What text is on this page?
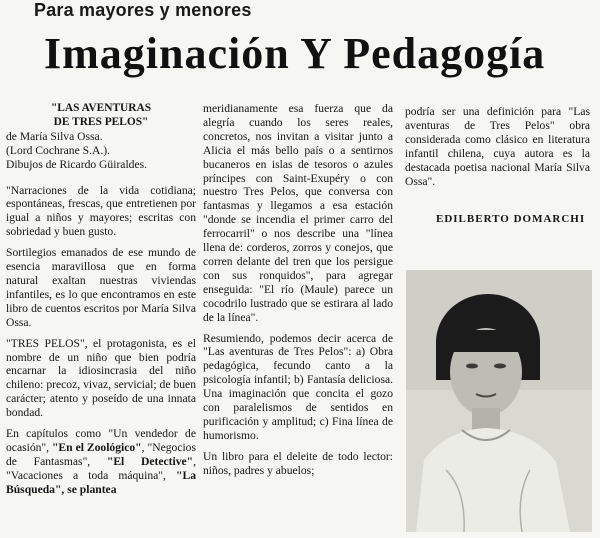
Para mayores y menores
Imaginación Y Pedagogía

"LAS AVENTURAS

DE TRES PELOS"

de María Silva Ossa.

(Lord Cochrane S.A.).

Dibujos de Ricardo Güiraldes.

"Narraciones de la vida cotidiana; espontáneas, frescas, que entretienen por igual a niños y mayores; escritas con sobriedad y buen gusto.

Sortilegios emanados de ese mundo de esencia maravillosa que en forma natural exaltan nuestras viviendas infantiles, es lo que encontramos en este libro de cuentos escritos por María Silva Ossa.

"TRES PELOS", el protagonista, es el nombre de un niño que bien podría encarnar la idiosincrasia del niño chileno: precoz, vivaz, servicial; de buen carácter; atento y poseído de una innata bondad.

En capítulos como "Un vendedor de ocasión", "En el Zoológico", "Negocios de Fantasmas", "El Detective", "Vacaciones a toda máquina", "La Búsqueda", se plantea

meridianamente esa fuerza que da alegría cuando los seres reales, concretos, nos invitan a visitar junto a Alicia el más bello país o a sentirnos bucaneros en islas de tesoros o azules príncipes con Saint-Exupéry o con nuestro Tres Pelos, que conversa con fantasmas y llegamos a esa estación "donde se incendia el primer carro del ferrocarril" o nos describe una "línea llena de: corderos, zorros y conejos, que corren delante del tren que los persigue con sus ronquidos", para agregar enseguida: "El río (Maule) parece un cocodrilo lustrado que se estirara al lado de la línea".

Resumiendo, podemos decir acerca de "Las aventuras de Tres Pelos": a) Obra pedagógica, fecundo canto a la psicología infantil; b) Fantasía deliciosa. Una imaginación que concita el gozo con paralelismos de sentidos en purificación y amplitud; c) Fina línea de humorismo.

Un libro para el deleite de todo lector: niños, padres y abuelos;

podría ser una definición para "Las aventuras de Tres Pelos" obra considerada como clásico en literatura infantil chilena, cuya autora es la destacada poetisa nacional María Silva Ossa".

EDILBERTO DOMARCHI
